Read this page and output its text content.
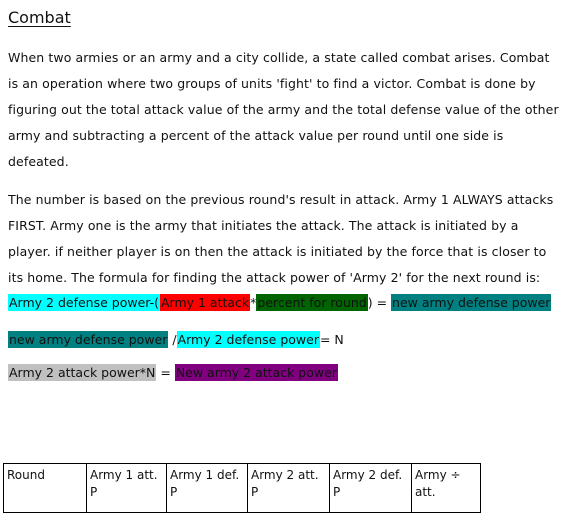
Combat

When two armies or an army and a city collide, a state called combat arises. Combat is an operation where two groups of units 'fight' to find a victor. Combat is done by figuring out the total attack value of the army and the total defense value of the other army and subtracting a percent of the attack value per round until one side is defeated.

The number is based on the previous round's result in attack. Army 1 ALWAYS attacks FIRST. Army one is the army that initiates the attack. The attack is initiated by a player. if neither player is on then the attack is initiated by the force that is closer to its home. The formula for finding the attack power of 'Army 2' for the next round is:

Army 2 defense power-( Army 1 attack*percent for round) = new army defense power
new army defense power /Army 2 defense power= N
Army 2 attack power*N = New army 2 attack power
Round	Army 1 att. P	Army 1 def. P	Army 2 att. P	Army 2 def. P	Army ÷ att.
